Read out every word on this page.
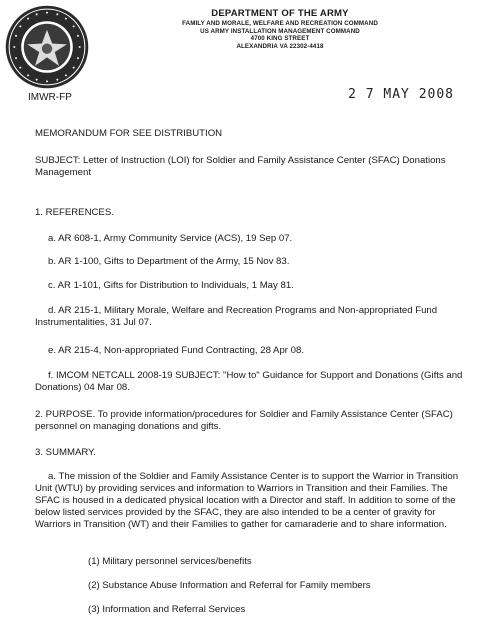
DEPARTMENT OF THE ARMY
FAMILY AND MORALE, WELFARE AND RECREATION COMMAND
US ARMY INSTALLATION MANAGEMENT COMMAND
4700 KING STREET
ALEXANDRIA VA 22302-4418
IMWR-FP	2 7 MAY 2008
MEMORANDUM FOR SEE DISTRIBUTION
SUBJECT: Letter of Instruction (LOI) for Soldier and Family Assistance Center (SFAC) Donations Management
1. REFERENCES.
a. AR 608-1, Army Community Service (ACS), 19 Sep 07.
b. AR 1-100, Gifts to Department of the Army, 15 Nov 83.
c. AR 1-101, Gifts for Distribution to Individuals, 1 May 81.
d. AR 215-1, Military Morale, Welfare and Recreation Programs and Non-appropriated Fund Instrumentalities, 31 Jul 07.
e. AR 215-4, Non-appropriated Fund Contracting, 28 Apr 08.
f. IMCOM NETCALL 2008-19 SUBJECT: "How to" Guidance for Support and Donations (Gifts and Donations) 04 Mar 08.
2. PURPOSE. To provide information/procedures for Soldier and Family Assistance Center (SFAC) personnel on managing donations and gifts.
3. SUMMARY.
a. The mission of the Soldier and Family Assistance Center is to support the Warrior in Transition Unit (WTU) by providing services and information to Warriors in Transition and their Families. The SFAC is housed in a dedicated physical location with a Director and staff. In addition to some of the below listed services provided by the SFAC, they are also intended to be a center of gravity for Warriors in Transition (WT) and their Families to gather for camaraderie and to share information.
(1) Military personnel services/benefits
(2) Substance Abuse Information and Referral for Family members
(3) Information and Referral Services
